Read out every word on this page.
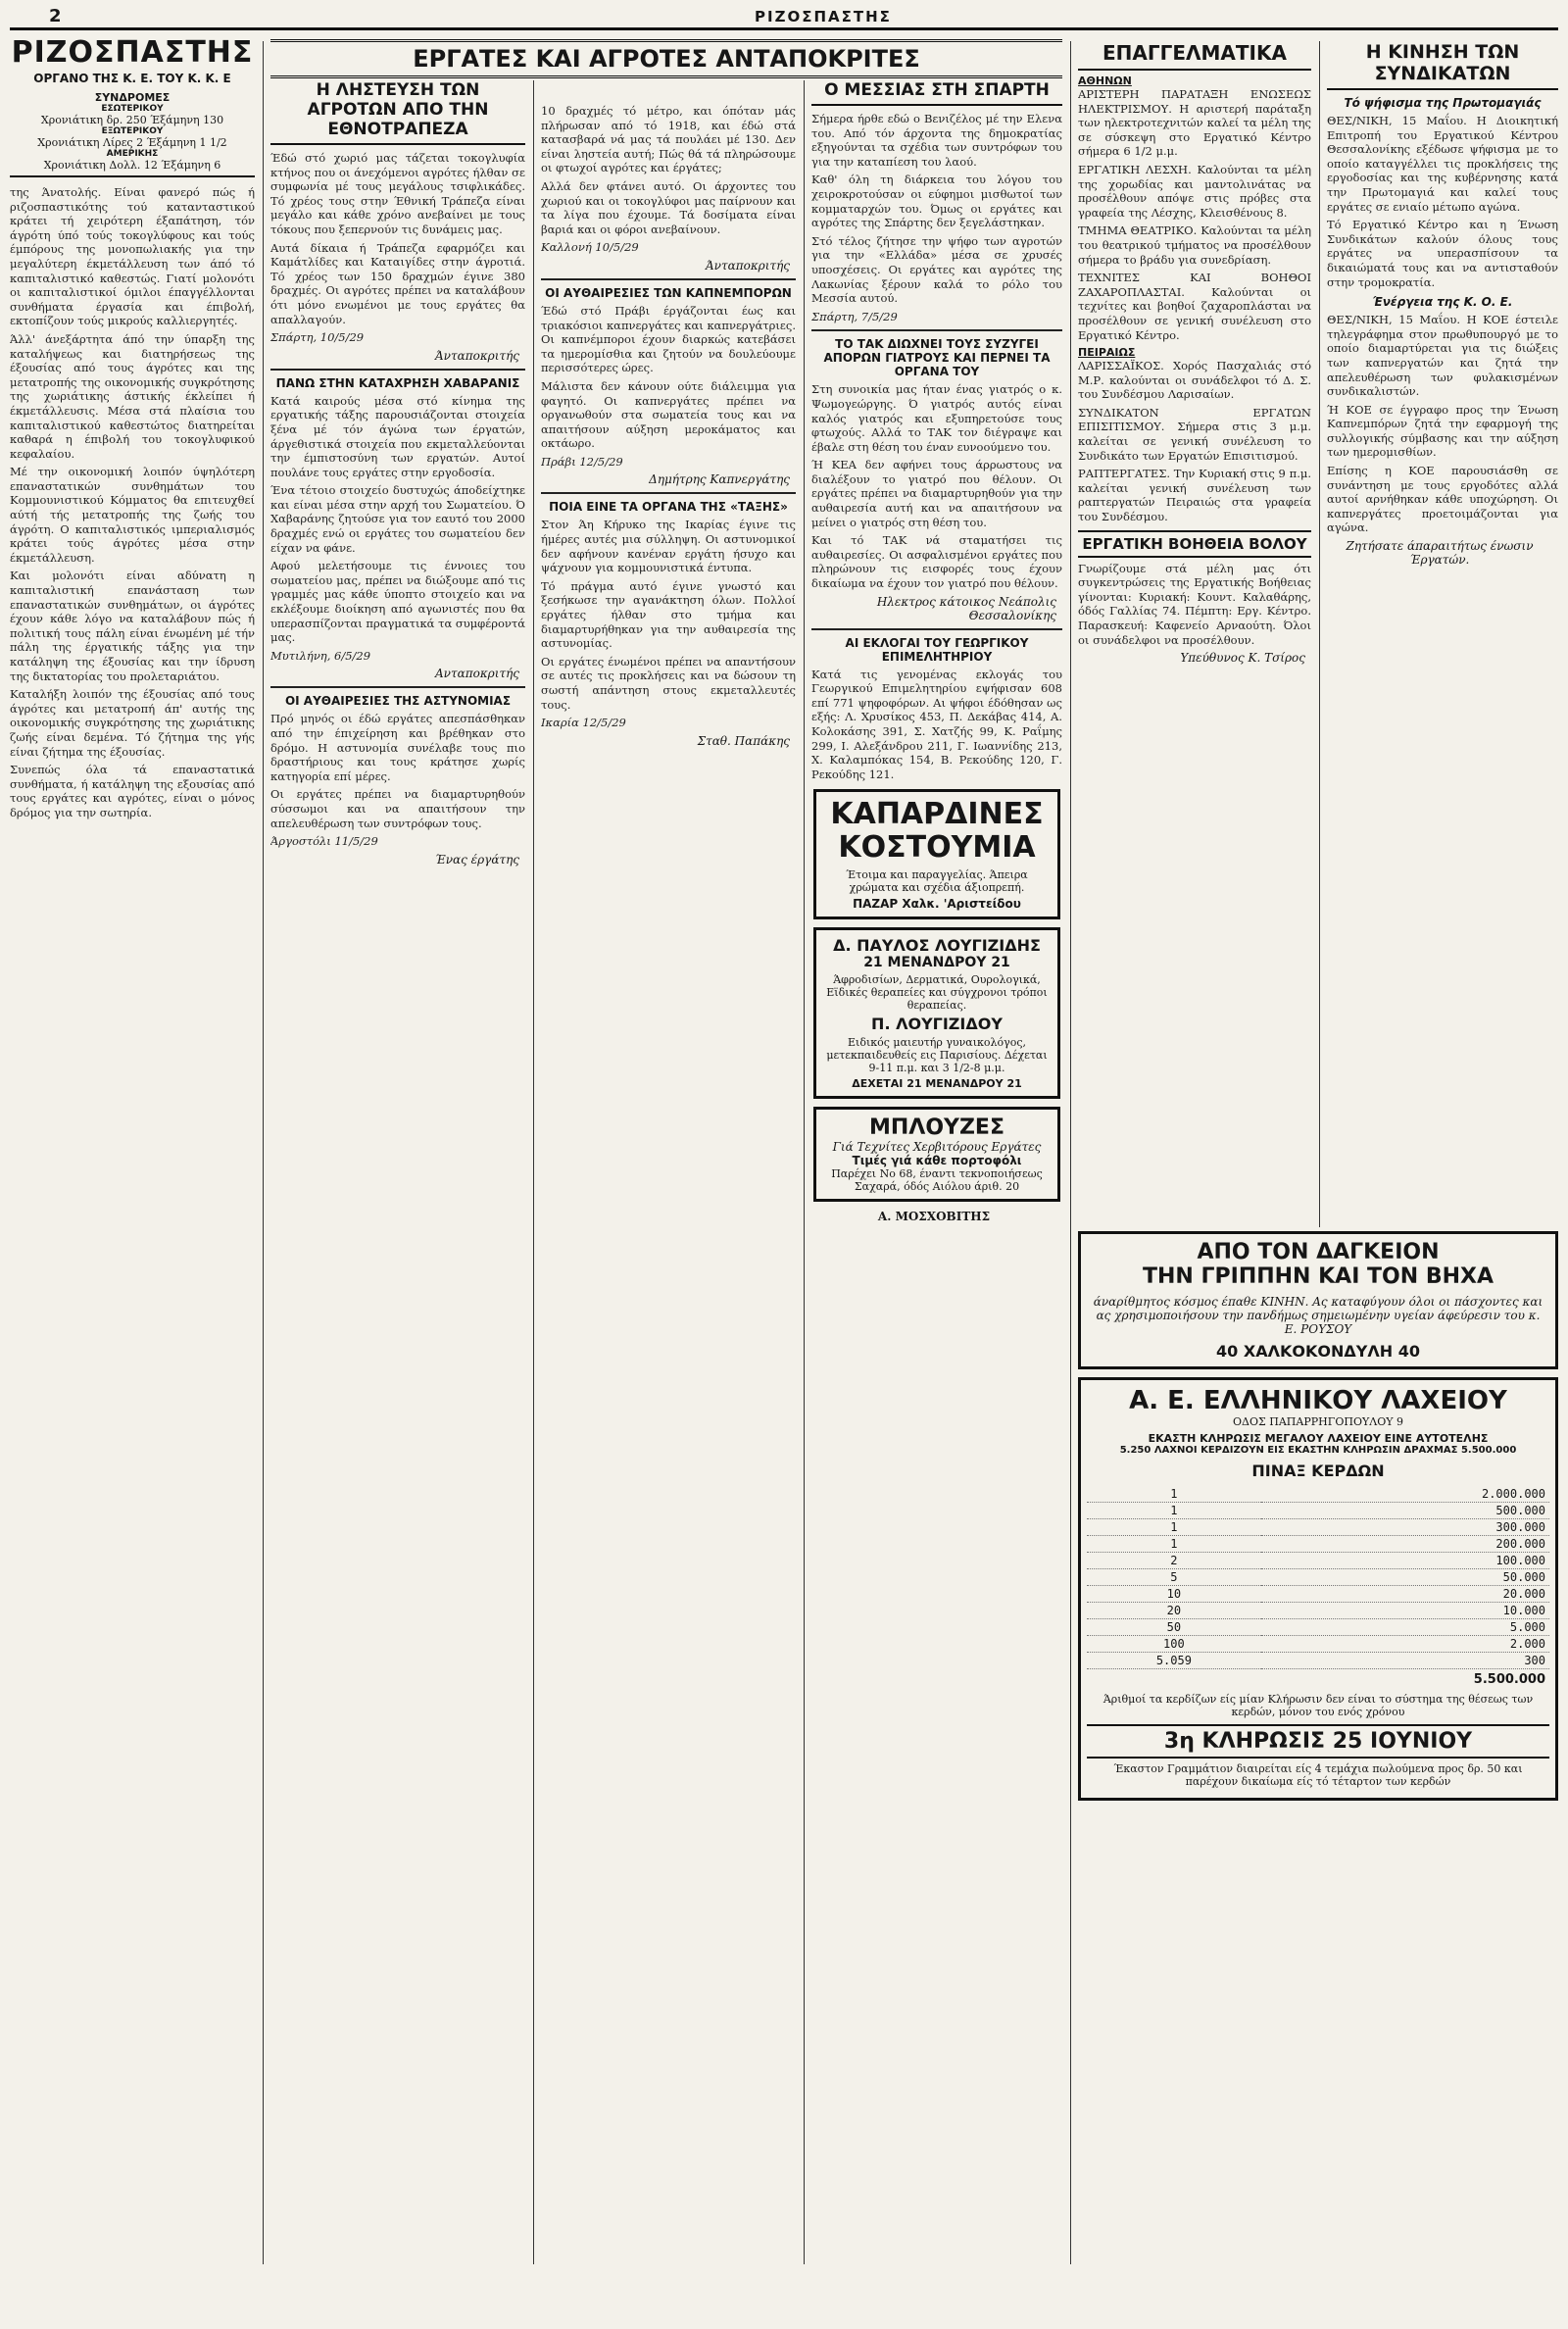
2	ΡΙΖΟΣΠΑΣΤΗΣ
ΡΙΖΟΣΠΑΣΤΗΣ
ΟΡΓΑΝΟ ΤΗΣ Κ. Ε. ΤΟΥ Κ. Κ. Ε
ΣΥΝΔΡΟΜΕΣ
ΕΣΩΤΕΡΙΚΟΥ
Χρονιάτικη δρ. 250 Έξάμηνη 130
ΕΞΩΤΕΡΙΚΟΥ
Χρονιάτικη Λίρες 2 Έξάμηνη 1 1/2
ΑΜΕΡΙΚΗΣ
Χρονιάτικη Δολλ. 12 Έξάμηνη 6

της Άνατολής. Είναι φανερό πώς ή ριζοσπαστικότης τού κατανταστικού κράτει τή χειρότερη έξαπάτηση, τόν άγρότη ύπό τούς τοκογλύφους και τούς έμπόρους της μονοπωλιακής για την μεγαλύτερη έκμετάλλευση των άπό τό καπιταλιστικό καθεστώς. Γιατί μολονότι οι καπιταλιστικοί όμιλοι έπαγγέλλονται συνθήματα έργασία και έπιβολή, εκτοπίζουν τούς μικρούς καλλιεργητές.

Άλλ' άνεξάρτητα άπό την ύπαρξη της καταλήψεως και διατηρήσεως της έξουσίας από τους άγρότες και της μετατροπής της οικονομικής συγκρότησης της χωριάτικης άστικής έκλείπει ή έκμετάλλευσις. Μέσα στά πλαίσια του καπιταλιστικού καθεστώτος διατηρείται καθαρά η έπιβολή του τοκογλυφικού κεφαλαίου.

Μέ την οικονομική λοιπόν ύψηλότερη επαναστατικών συνθημάτων του Κομμουνιστικού Κόμματος θα επιτευχθεί αύτή τής μετατροπής της ζωής του άγρότη. Ο καπιταλιστικός ιμπεριαλισμός κράτει τούς άγρότες μέσα στην έκμετάλλευση.

Και μολονότι είναι αδύνατη η καπιταλιστική επανάσταση των επαναστατικών συνθημάτων, οι άγρότες έχουν κάθε λόγο να καταλάβουν πώς ή πολιτική τους πάλη είναι ένωμένη μέ τήν πάλη της έργατικής τάξης για την κατάληψη της έξουσίας και την ίδρυση της δικτατορίας του προλεταριάτου.

Καταλήξη λοιπόν της έξουσίας από τους άγρότες και μετατροπή άπ' αυτής της οικονομικής συγκρότησης της χωριάτικης ζωής είναι δεμένα. Τό ζήτημα της γής είναι ζήτημα της έξουσίας.

Συνεπώς όλα τά επαναστατικά συνθήματα, ή κατάληψη της εξουσίας από τους εργάτες και αγρότες, είναι ο μόνος δρόμος για την σωτηρία.

ΕΡΓΑΤΕΣ ΚΑΙ ΑΓΡΟΤΕΣ ΑΝΤΑΠΟΚΡΙΤΕΣ
Η ΛΗΣΤΕΥΣΗ ΤΩΝ ΑΓΡΟΤΩΝ ΑΠΟ ΤΗΝ ΕΘΝΟΤΡΑΠΕΖΑ

Έδώ στό χωριό μας τάζεται τοκογλυφία κτήνος που οι άνεχόμενοι αγρότες ήλθαν σε συμφωνία μέ τους μεγάλους τσιφλικάδες. Τό χρέος τους στην Έθνική Τράπεζα είναι μεγάλο και κάθε χρόνο ανεβαίνει με τους τόκους που ξεπερνούν τις δυνάμεις μας.

Αυτά δίκαια ή Τράπεζα εφαρμόζει και Καμάτλίδες και Καταιγίδες στην άγροτιά. Τό χρέος των 150 δραχμών έγινε 380 δραχμές. Οι αγρότες πρέπει να καταλάβουν ότι μόνο ενωμένοι με τους εργάτες θα απαλλαγούν.

Σπάρτη, 10/5/29

Άνταποκριτής
ΠΑΝΩ ΣΤΗΝ ΚΑΤΑΧΡΗΣΗ ΧΑΒΑΡΑΝΙΣ

Κατά καιρούς μέσα στό κίνημα της εργατικής τάξης παρουσιάζονται στοιχεία ξένα μέ τόν άγώνα των έργατών, άργεθιστικά στοιχεία που εκμεταλλεύονται την έμπιστοσύνη των εργατών. Αυτοί πουλάνε τους εργάτες στην εργοδοσία.

Ένα τέτοιο στοιχείο δυστυχώς άποδείχτηκε και είναι μέσα στην αρχή του Σωματείου. Ό Χαβαράνης ζητούσε για τον εαυτό του 2000 δραχμές ενώ οι εργάτες του σωματείου δεν είχαν να φάνε.

Αφού μελετήσουμε τις έννοιες του σωματείου μας, πρέπει να διώξουμε από τις γραμμές μας κάθε ύποπτο στοιχείο και να εκλέξουμε διοίκηση από αγωνιστές που θα υπερασπίζονται πραγματικά τα συμφέροντά μας.

Μυτιλήνη, 6/5/29

Ανταποκριτής
ΟΙ ΑΥΘΑΙΡΕΣΙΕΣ ΤΗΣ ΑΣΤΥΝΟΜΙΑΣ

Πρό μηνός οι έδώ εργάτες απεσπάσθηκαν από την έπιχείρηση και βρέθηκαν στο δρόμο. Η αστυνομία συνέλαβε τους πιο δραστήριους και τους κράτησε χωρίς κατηγορία επί μέρες.

Οι εργάτες πρέπει να διαμαρτυρηθούν σύσσωμοι και να απαιτήσουν την απελευθέρωση των συντρόφων τους.

Άργοστόλι 11/5/29

Ένας έργάτης

10 δραχμές τό μέτρο, και όπόταν μάς πλήρωσαν από τό 1918, και έδώ στά κατασβαρά νά μας τά πουλάει μέ 130. Δεν είναι ληστεία αυτή; Πώς θά τά πληρώσουμε οι φτωχοί αγρότες και έργάτες;

Αλλά δεν φτάνει αυτό. Οι άρχοντες του χωριού και οι τοκογλύφοι μας παίρνουν και τα λίγα που έχουμε. Τά δοσίματα είναι βαριά και οι φόροι ανεβαίνουν.

Καλλονή 10/5/29

Άνταποκριτής
ΟΙ ΑΥΘΑΙΡΕΣΙΕΣ ΤΩΝ ΚΑΠΝΕΜΠΟΡΩΝ

Έδώ στό Πράβι έργάζονται έως και τριακόσιοι καπνεργάτες και καπνεργάτριες. Οι καπνέμποροι έχουν διαρκώς κατεβάσει τα ημερομίσθια και ζητούν να δουλεύουμε περισσότερες ώρες.

Μάλιστα δεν κάνουν ούτε διάλειμμα για φαγητό. Οι καπνεργάτες πρέπει να οργανωθούν στα σωματεία τους και να απαιτήσουν αύξηση μεροκάματος και οκτάωρο.

Πράβι 12/5/29

Δημήτρης Καπνεργάτης
ΠΟΙΑ ΕΙΝΕ ΤΑ ΟΡΓΑΝΑ ΤΗΣ «ΤΑΞΗΣ»

Στον Άη Κήρυκο της Ικαρίας έγινε τις ήμέρες αυτές μια σύλληψη. Οι αστυνομικοί δεν αφήνουν κανέναν εργάτη ήσυχο και ψάχνουν για κομμουνιστικά έντυπα.

Τό πράγμα αυτό έγινε γνωστό και ξεσήκωσε την αγανάκτηση όλων. Πολλοί εργάτες ήλθαν στο τμήμα και διαμαρτυρήθηκαν για την αυθαιρεσία της αστυνομίας.

Οι εργάτες ένωμένοι πρέπει να απαντήσουν σε αυτές τις προκλήσεις και να δώσουν τη σωστή απάντηση στους εκμεταλλευτές τους.

Ικαρία 12/5/29

Σταθ. Παπάκης
Ο ΜΕΣΣΙΑΣ ΣΤΗ ΣΠΑΡΤΗ

Σήμερα ήρθε εδώ ο Βενιζέλος μέ την Ελενα του. Από τόν άρχοντα της δημοκρατίας εξηγούνται τα σχέδια των συντρόφων του για την καταπίεση του λαού.

Καθ' όλη τη διάρκεια του λόγου του χειροκροτούσαν οι εύφημοι μισθωτοί των κομματαρχών του. Όμως οι εργάτες και αγρότες της Σπάρτης δεν ξεγελάστηκαν.

Στό τέλος ζήτησε την ψήφο των αγροτών για την «Ελλάδα» μέσα σε χρυσές υποσχέσεις. Οι εργάτες και αγρότες της Λακωνίας ξέρουν καλά το ρόλο του Μεσσία αυτού.

Σπάρτη, 7/5/29

ΤΟ ΤΑΚ ΔΙΩΧΝΕΙ ΤΟΥΣ ΣΥΖΥΓΕΙ ΑΠΟΡΩΝ ΓΙΑΤΡΟΥΣ ΚΑΙ ΠΕΡΝΕΙ ΤΑ ΟΡΓΑΝΑ ΤΟΥ

Στη συνοικία μας ήταν ένας γιατρός ο κ. Ψωμογεώργης. Ό γιατρός αυτός είναι καλός γιατρός και εξυπηρετούσε τους φτωχούς. Αλλά το ΤΑΚ τον διέγραψε και έβαλε στη θέση του έναν ευνοούμενο του.

Ή ΚΕΑ δεν αφήνει τους άρρωστους να διαλέξουν το γιατρό που θέλουν. Οι εργάτες πρέπει να διαμαρτυρηθούν για την αυθαιρεσία αυτή και να απαιτήσουν να μείνει ο γιατρός στη θέση του.

Και τό ΤΑΚ νά σταματήσει τις αυθαιρεσίες. Οι ασφαλισμένοι εργάτες που πληρώνουν τις εισφορές τους έχουν δικαίωμα να έχουν τον γιατρό που θέλουν.

Ηλεκτρος κάτοικος Νεάπολις Θεσσαλονίκης
ΑΙ ΕΚΛΟΓΑΙ ΤΟΥ ΓΕΩΡΓΙΚΟΥ ΕΠΙΜΕΛΗΤΗΡΙΟΥ

Κατά τις γενομένας εκλογάς του Γεωργικού Επιμελητηρίου εψήφισαν 608 επί 771 ψηφοφόρων. Αι ψήφοι έδόθησαν ως εξής: Λ. Χρυσίκος 453, Π. Δεκάβας 414, Α. Κολοκάσης 391, Σ. Χατζής 99, Κ. Ραΐμης 299, Ι. Αλεξάνδρου 211, Γ. Ιωαννίδης 213, Χ. Καλαμπόκας 154, Β. Ρεκούδης 120, Γ. Ρεκούδης 121.

ΚΑΠΑΡΔΙΝΕΣ ΚΟΣΤΟΥΜΙΑ
Έτοιμα και παραγγελίας. Άπειρα χρώματα και σχέδια άξιοπρεπή.
ΠΑΖΑΡ Χαλκ. 'Αριστείδου
Δ. ΠΑΥΛΟΣ ΛΟΥΓΙΖΙΔΗΣ
21 ΜΕΝΑΝΔΡΟΥ 21
Άφροδισίων, Δερματικά, Ουρολογικά, Εϊδικές θεραπείες και σύγχρονοι τρόποι θεραπείας.
Π. ΛΟΥΓΙΖΙΔΟΥ
Ειδικός μαιευτήρ γυναικολόγος, μετεκπαιδευθείς εις Παρισίους. Δέχεται 9-11 π.μ. και 3 1/2-8 μ.μ.
ΔΕΧΕΤΑΙ 21 ΜΕΝΑΝΔΡΟΥ 21
ΜΠΛΟΥΖΕΣ
Γιά Τεχνίτες Χερβιτόρους Εργάτες
Τιμές γιά κάθε πορτοφόλι
Παρέχει Νο 68, έναντι τεκνοποιήσεως Σαχαρά, όδός Αιόλου άριθ. 20
Α. ΜΟΣΧΟΒΙΤΗΣ
ΕΠΑΓΓΕΛΜΑΤΙΚΑ
ΑΘΗΝΩΝ

ΑΡΙΣΤΕΡΗ ΠΑΡΑΤΑΞΗ ΕΝΩΣΕΩΣ ΗΛΕΚΤΡΙΣΜΟΥ. Η αριστερή παράταξη των ηλεκτροτεχνιτών καλεί τα μέλη της σε σύσκεψη στο Εργατικό Κέντρο σήμερα 6 1/2 μ.μ.

ΕΡΓΑΤΙΚΗ ΛΕΣΧΗ. Καλούνται τα μέλη της χορωδίας και μαντολινάτας να προσέλθουν απόψε στις πρόβες στα γραφεία της Λέσχης, Κλεισθένους 8.

ΤΜΗΜΑ ΘΕΑΤΡΙΚΟ. Καλούνται τα μέλη του θεατρικού τμήματος να προσέλθουν σήμερα το βράδυ για συνεδρίαση.

ΤΕΧΝΙΤΕΣ ΚΑΙ ΒΟΗΘΟΙ ΖΑΧΑΡΟΠΛΑΣΤΑΙ. Καλούνται οι τεχνίτες και βοηθοί ζαχαροπλάσται να προσέλθουν σε γενική συνέλευση στο Εργατικό Κέντρο.

ΠΕΙΡΑΙΩΣ

ΛΑΡΙΣΣΑΪΚΟΣ. Χορός Πασχαλιάς στό Μ.Ρ. καλούνται οι συνάδελφοι τό Δ. Σ. του Συνδέσμου Λαρισαίων.

ΣΥΝΔΙΚΑΤΟΝ ΕΡΓΑΤΩΝ ΕΠΙΣΙΤΙΣΜΟΥ. Σήμερα στις 3 μ.μ. καλείται σε γενική συνέλευση το Συνδικάτο των Εργατών Επισιτισμού.

ΡΑΠΤΕΡΓΑΤΕΣ. Την Κυριακή στις 9 π.μ. καλείται γενική συνέλευση των ραπτεργατών Πειραιώς στα γραφεία του Συνδέσμου.

ΕΡΓΑΤΙΚΗ ΒΟΗΘΕΙΑ ΒΟΛΟΥ

Γνωρίζουμε στά μέλη μας ότι συγκεντρώσεις της Εργατικής Βοήθειας γίνονται: Κυριακή: Κουντ. Καλαθάρης, όδός Γαλλίας 74. Πέμπτη: Εργ. Κέντρο. Παρασκευή: Καφενείο Αρναούτη. Όλοι οι συνάδελφοι να προσέλθουν.

Υπεύθυνος Κ. Τσίρος
Η ΚΙΝΗΣΗ ΤΩΝ ΣΥΝΔΙΚΑΤΩΝ
Τό ψήφισμα της Πρωτομαγιάς

ΘΕΣ/ΝΙΚΗ, 15 Μαΐου. Η Διοικητική Επιτροπή του Εργατικού Κέντρου Θεσσαλονίκης εξέδωσε ψήφισμα με το οποίο καταγγέλλει τις προκλήσεις της εργοδοσίας και της κυβέρνησης κατά την Πρωτομαγιά και καλεί τους εργάτες σε ενιαίο μέτωπο αγώνα.

Τό Εργατικό Κέντρο και η Ένωση Συνδικάτων καλούν όλους τους εργάτες να υπερασπίσουν τα δικαιώματά τους και να αντισταθούν στην τρομοκρατία.

Ένέργεια της Κ. Ο. Ε.

ΘΕΣ/ΝΙΚΗ, 15 Μαΐου. Η ΚΟΕ έστειλε τηλεγράφημα στον πρωθυπουργό με το οποίο διαμαρτύρεται για τις διώξεις των καπνεργατών και ζητά την απελευθέρωση των φυλακισμένων συνδικαλιστών.

Ή ΚΟΕ σε έγγραφο προς την Ένωση Καπνεμπόρων ζητά την εφαρμογή της συλλογικής σύμβασης και την αύξηση των ημερομισθίων.

Επίσης η ΚΟΕ παρουσιάσθη σε συνάντηση με τους εργοδότες αλλά αυτοί αρνήθηκαν κάθε υποχώρηση. Οι καπνεργάτες προετοιμάζονται για αγώνα.

Ζητήσατε άπαραιτήτως ένωσιν Έργατών.
ΑΠΟ ΤΟΝ ΔΑΓΚΕΙΟΝ
ΤΗΝ ΓΡΙΠΠΗΝ ΚΑΙ ΤΟΝ ΒΗΧΑ
άναρίθμητος κόσμος έπαθε ΚΙΝΗΝ. Ας καταφύγουν όλοι οι πάσχοντες και ας χρησιμοποιήσουν την πανδήμως σημειωμένην υγείαν άφεύρεσιν του κ. Ε. ΡΟΥΣΟΥ
40 ΧΑΛΚΟΚΟΝΔΥΛΗ 40
Α. Ε. ΕΛΛΗΝΙΚΟΥ ΛΑΧΕΙΟΥ
ΟΔΟΣ ΠΑΠΑΡΡΗΓΟΠΟΥΛΟΥ 9
ΕΚΑΣΤΗ ΚΛΗΡΩΣΙΣ ΜΕΓΑΛΟΥ ΛΑΧΕΙΟΥ ΕΙΝΕ ΑΥΤΟΤΕΛΗΣ
5.250 ΛΑΧΝΟΙ ΚΕΡΔΙΖΟΥΝ ΕΙΣ ΕΚΑΣΤΗΝ ΚΛΗΡΩΣΙΝ ΔΡΑΧΜΑΣ 5.500.000
ΠΙΝΑΞ ΚΕΡΔΩΝ
1	2.000.000
1	500.000
1	300.000
1	200.000
2	100.000
5	50.000
10	20.000
20	10.000
50	5.000
100	2.000
5.059	300
5.500.000
Άριθμοί τα κερδίζων είς μίαν Κλήρωσιν δεν είναι το σύστημα της θέσεως των κερδών, μόνον του ενός χρόνου
3η ΚΛΗΡΩΣΙΣ 25 ΙΟΥΝΙΟΥ
Έκαστον Γραμμάτιον διαιρείται είς 4 τεμάχια πωλούμενα προς δρ. 50 και παρέχουν δικαίωμα είς τό τέταρτον των κερδών
